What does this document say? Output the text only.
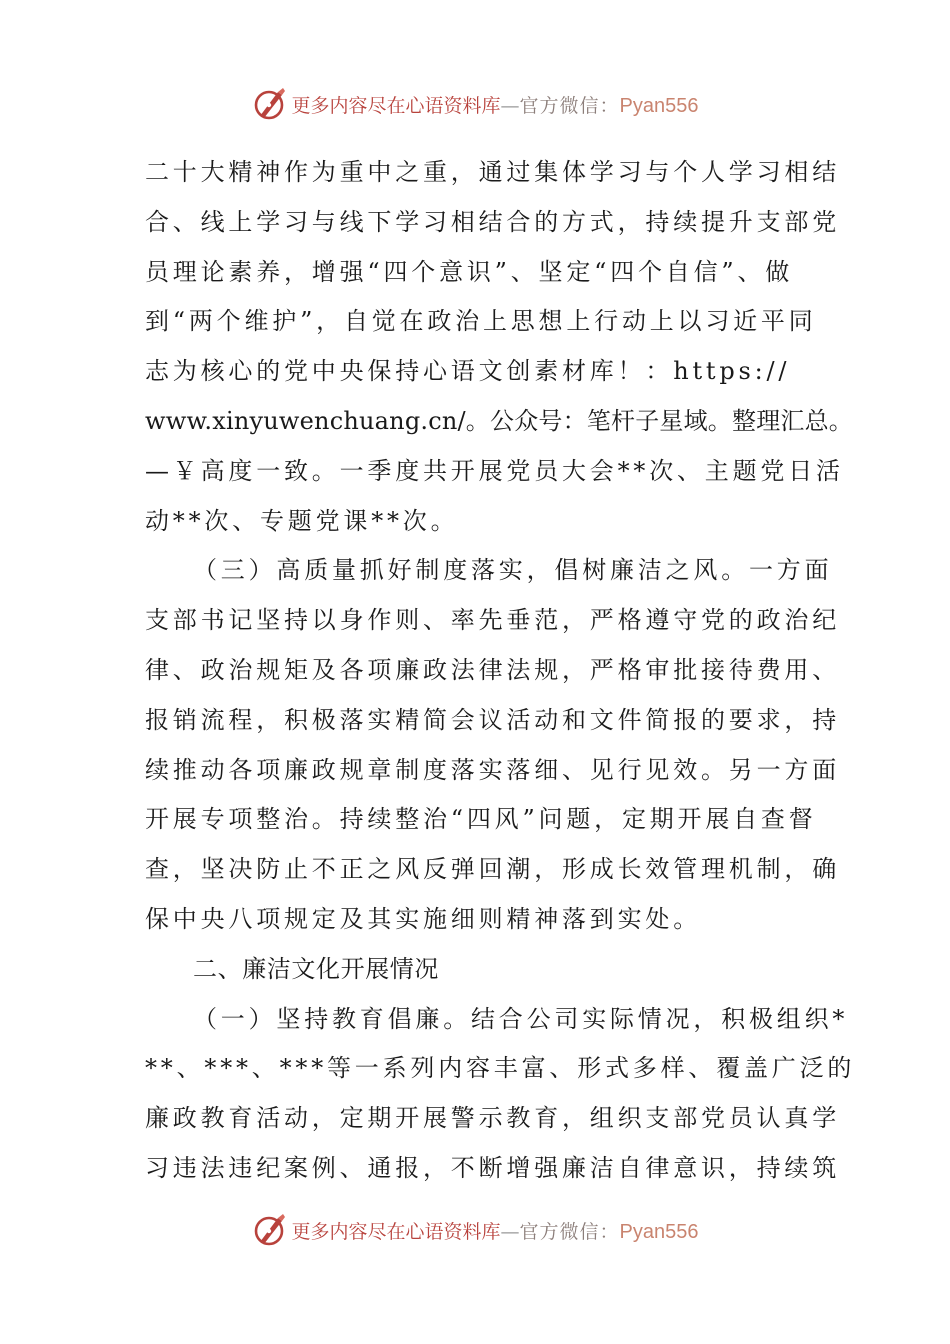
更多内容尽在心语资料库—官方微信：Pyan556
二十大精神作为重中之重，通过集体学习与个人学习相结
合、线上学习与线下学习相结合的方式，持续提升支部党
员理论素养，增强“四个意识”、坚定“四个自信”、做
到“两个维护”，自觉在政治上思想上行动上以习近平同
志为核心的党中央保持心语文创素材库！：https://
www.xinyuwenchuang.cn/。公众号：笔杆子星域。整理汇总。
—￥高度一致。一季度共开展党员大会**次、主题党日活
动**次、专题党课**次。
（三）高质量抓好制度落实，倡树廉洁之风。一方面
支部书记坚持以身作则、率先垂范，严格遵守党的政治纪
律、政治规矩及各项廉政法律法规，严格审批接待费用、
报销流程，积极落实精简会议活动和文件简报的要求，持
续推动各项廉政规章制度落实落细、见行见效。另一方面
开展专项整治。持续整治“四风”问题，定期开展自查督
查，坚决防止不正之风反弹回潮，形成长效管理机制，确
保中央八项规定及其实施细则精神落到实处。
二、廉洁文化开展情况
（一）坚持教育倡廉。结合公司实际情况，积极组织*
**、***、***等一系列内容丰富、形式多样、覆盖广泛的
廉政教育活动，定期开展警示教育，组织支部党员认真学
习违法违纪案例、通报，不断增强廉洁自律意识，持续筑
更多内容尽在心语资料库—官方微信：Pyan556
